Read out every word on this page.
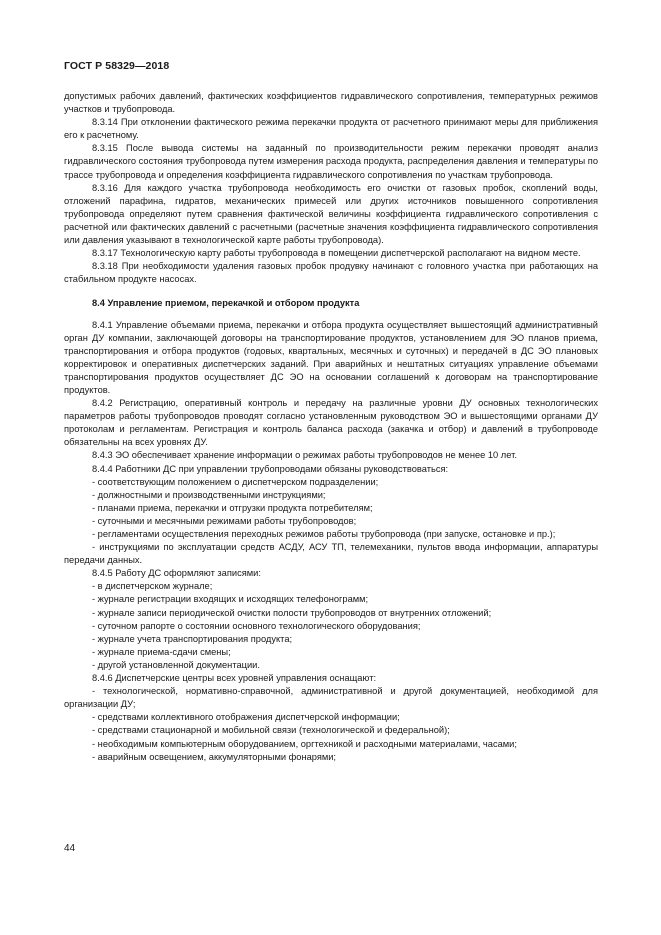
ГОСТ Р 58329—2018

допустимых рабочих давлений, фактических коэффициентов гидравлического сопротивления, температурных режимов участков и трубопровода.

8.3.14 При отклонении фактического режима перекачки продукта от расчетного принимают меры для приближения его к расчетному.

8.3.15 После вывода системы на заданный по производительности режим перекачки проводят анализ гидравлического состояния трубопровода путем измерения расхода продукта, распределения давления и температуры по трассе трубопровода и определения коэффициента гидравлического сопротивления по участкам трубопровода.

8.3.16 Для каждого участка трубопровода необходимость его очистки от газовых пробок, скоплений воды, отложений парафина, гидратов, механических примесей или других источников повышенного сопротивления трубопровода определяют путем сравнения фактической величины коэффициента гидравлического сопротивления с расчетной или фактических давлений с расчетными (расчетные значения коэффициента гидравлического сопротивления или давления указывают в технологической карте работы трубопровода).

8.3.17 Технологическую карту работы трубопровода в помещении диспетчерской располагают на видном месте.

8.3.18 При необходимости удаления газовых пробок продувку начинают с головного участка при работающих на стабильном продукте насосах.

8.4 Управление приемом, перекачкой и отбором продукта

8.4.1 Управление объемами приема, перекачки и отбора продукта осуществляет вышестоящий административный орган ДУ компании, заключающей договоры на транспортирование продуктов, установлением для ЭО планов приема, транспортирования и отбора продуктов (годовых, квартальных, месячных и суточных) и передачей в ДС ЭО плановых корректировок и оперативных диспетчерских заданий. При аварийных и нештатных ситуациях управление объемами транспортирования продуктов осуществляет ДС ЭО на основании соглашений к договорам на транспортирование продуктов.

8.4.2 Регистрацию, оперативный контроль и передачу на различные уровни ДУ основных технологических параметров работы трубопроводов проводят согласно установленным руководством ЭО и вышестоящими органами ДУ протоколам и регламентам. Регистрация и контроль баланса расхода (закачка и отбор) и давлений в трубопроводе обязательны на всех уровнях ДУ.

8.4.3 ЭО обеспечивает хранение информации о режимах работы трубопроводов не менее 10 лет.

8.4.4 Работники ДС при управлении трубопроводами обязаны руководствоваться:

- соответствующим положением о диспетчерском подразделении;

- должностными и производственными инструкциями;

- планами приема, перекачки и отгрузки продукта потребителям;

- суточными и месячными режимами работы трубопроводов;

- регламентами осуществления переходных режимов работы трубопровода (при запуске, остановке и пр.);

- инструкциями по эксплуатации средств АСДУ, АСУ ТП, телемеханики, пультов ввода информации, аппаратуры передачи данных.

8.4.5 Работу ДС оформляют записями:

- в диспетчерском журнале;

- журнале регистрации входящих и исходящих телефонограмм;

- журнале записи периодической очистки полости трубопроводов от внутренних отложений;

- суточном рапорте о состоянии основного технологического оборудования;

- журнале учета транспортирования продукта;

- журнале приема-сдачи смены;

- другой установленной документации.

8.4.6 Диспетчерские центры всех уровней управления оснащают:

- технологической, нормативно-справочной, административной и другой документацией, необходимой для организации ДУ;

- средствами коллективного отображения диспетчерской информации;

- средствами стационарной и мобильной связи (технологической и федеральной);

- необходимым компьютерным оборудованием, оргтехникой и расходными материалами, часами;

- аварийным освещением, аккумуляторными фонарями;

44
